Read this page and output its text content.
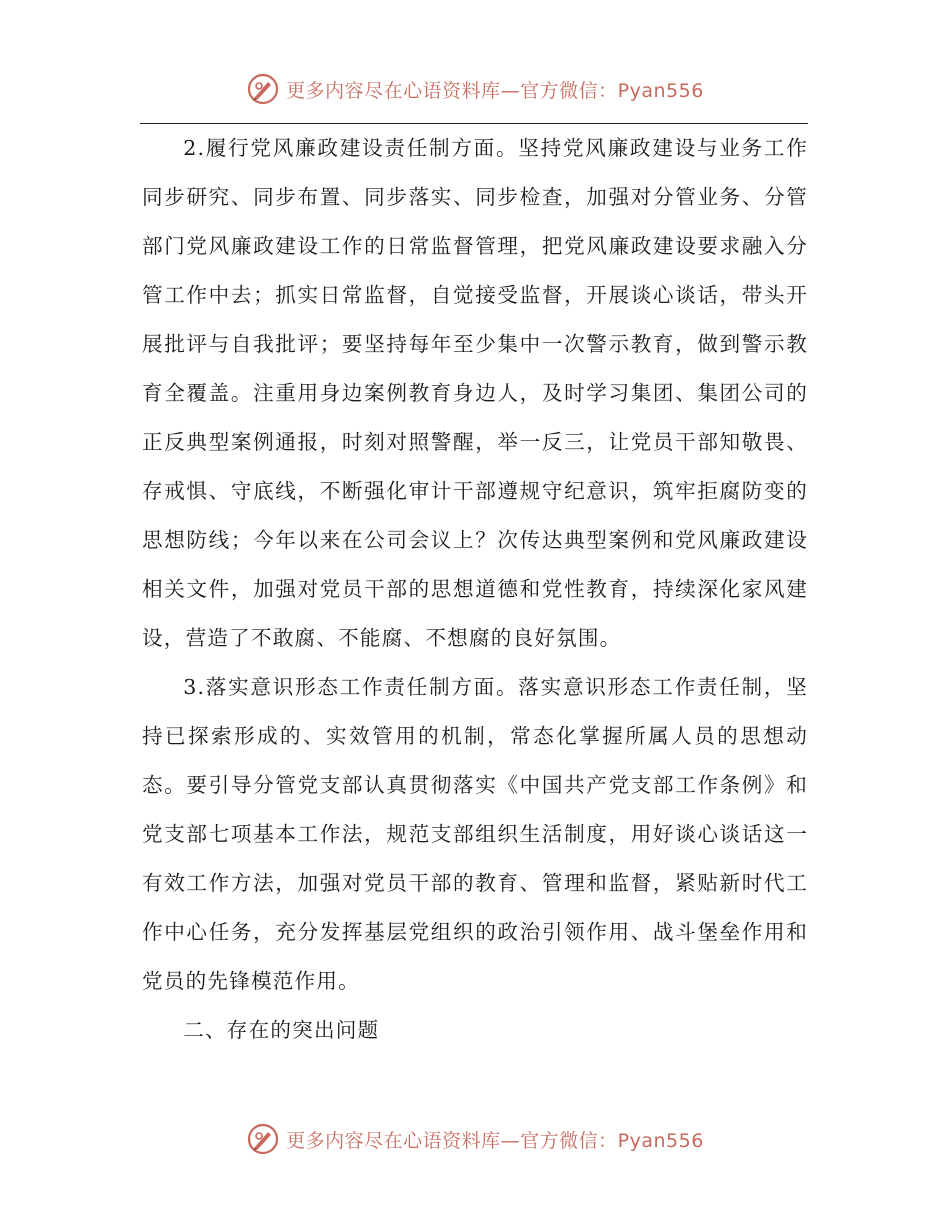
更多内容尽在心语资料库—官方微信：Pyan556

2.履行党风廉政建设责任制方面。坚持党风廉政建设与业务工作同步研究、同步布置、同步落实、同步检查，加强对分管业务、分管部门党风廉政建设工作的日常监督管理，把党风廉政建设要求融入分管工作中去；抓实日常监督，自觉接受监督，开展谈心谈话，带头开展批评与自我批评；要坚持每年至少集中一次警示教育，做到警示教育全覆盖。注重用身边案例教育身边人，及时学习集团、集团公司的正反典型案例通报，时刻对照警醒，举一反三，让党员干部知敬畏、存戒惧、守底线，不断强化审计干部遵规守纪意识，筑牢拒腐防变的思想防线；今年以来在公司会议上？次传达典型案例和党风廉政建设相关文件，加强对党员干部的思想道德和党性教育，持续深化家风建设，营造了不敢腐、不能腐、不想腐的良好氛围。

3.落实意识形态工作责任制方面。落实意识形态工作责任制，坚持已探索形成的、实效管用的机制，常态化掌握所属人员的思想动态。要引导分管党支部认真贯彻落实《中国共产党支部工作条例》和党支部七项基本工作法，规范支部组织生活制度，用好谈心谈话这一有效工作方法，加强对党员干部的教育、管理和监督，紧贴新时代工作中心任务，充分发挥基层党组织的政治引领作用、战斗堡垒作用和党员的先锋模范作用。

二、存在的突出问题

更多内容尽在心语资料库—官方微信：Pyan556
